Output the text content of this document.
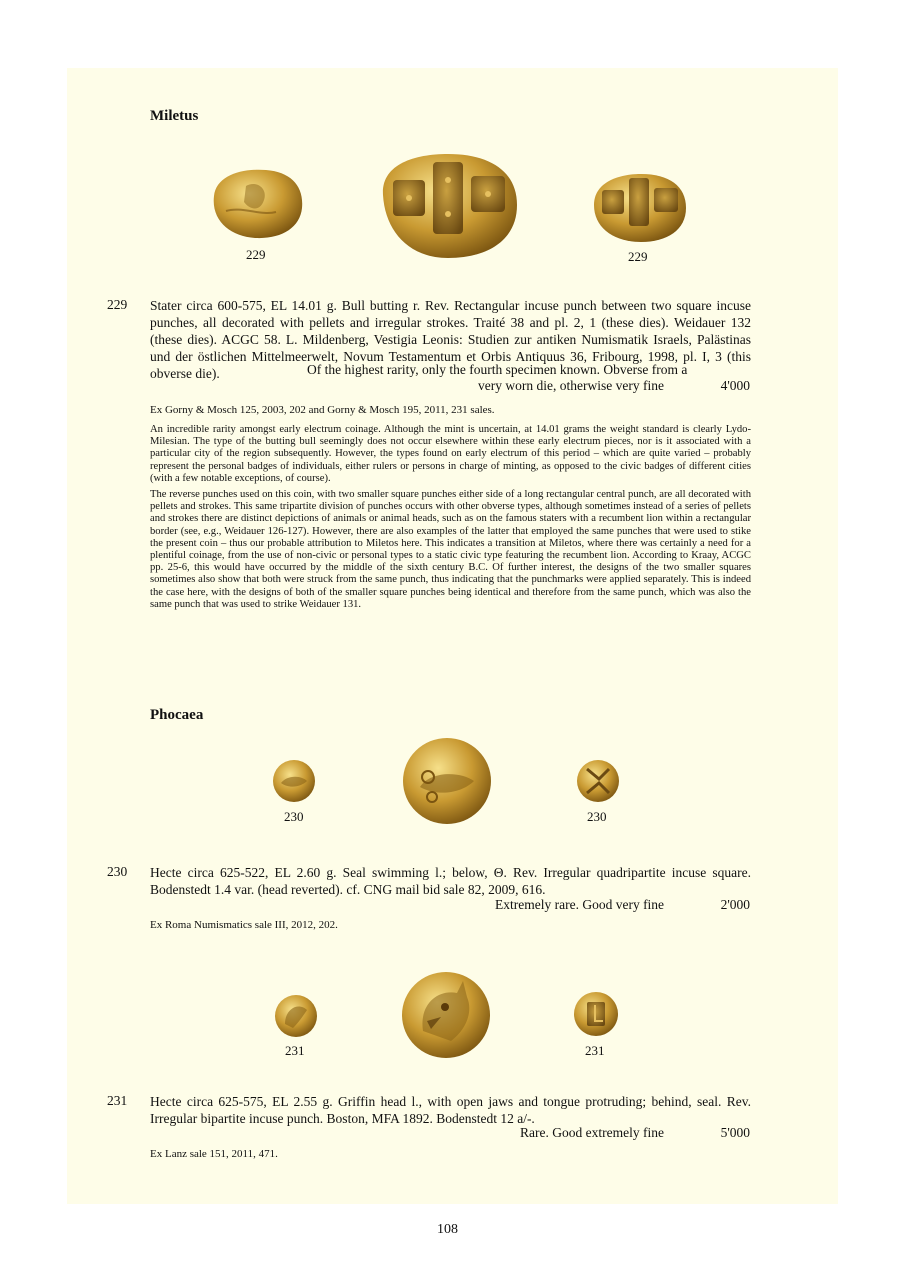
Miletus
229	229
229 Stater circa 600-575, EL 14.01 g. Bull butting r. Rev. Rectangular incuse punch between two square incuse punches, all decorated with pellets and irregular strokes. Traité 38 and pl. 2, 1 (these dies). Weidauer 132 (these dies). ACGC 58. L. Mildenberg, Vestigia Leonis: Studien zur antiken Numismatik Israels, Palästinas und der östlichen Mittelmeerwelt, Novum Testamentum et Orbis Antiquus 36, Fribourg, 1998, pl. I, 3 (this obverse die).	Of the highest rarity, only the fourth specimen known. Obverse from a
very worn die, otherwise very fine	4'000
Ex Gorny & Mosch 125, 2003, 202 and Gorny & Mosch 195, 2011, 231 sales.

An incredible rarity amongst early electrum coinage. Although the mint is uncertain, at 14.01 grams the weight standard is clearly Lydo-Milesian. The type of the butting bull seemingly does not occur elsewhere within these early electrum pieces, nor is it associated with a particular city of the region subsequently. However, the types found on early electrum of this period – which are quite varied – probably represent the personal badges of individuals, either rulers or persons in charge of minting, as opposed to the civic badges of different cities (with a few notable exceptions, of course).

The reverse punches used on this coin, with two smaller square punches either side of a long rectangular central punch, are all decorated with pellets and strokes. This same tripartite division of punches occurs with other obverse types, although sometimes instead of a series of pellets and strokes there are distinct depictions of animals or animal heads, such as on the famous staters with a recumbent lion within a rectangular border (see, e.g., Weidauer 126-127). However, there are also examples of the latter that employed the same punches that were used to stike the present coin – thus our probable attribution to Miletos here. This indicates a transition at Miletos, where there was certainly a need for a plentiful coinage, from the use of non-civic or personal types to a static civic type featuring the recumbent lion. According to Kraay, ACGC pp. 25-6, this would have occurred by the middle of the sixth century B.C. Of further interest, the designs of the two smaller squares sometimes also show that both were struck from the same punch, thus indicating that the punchmarks were applied separately. This is indeed the case here, with the designs of both of the smaller square punches being identical and therefore from the same punch, which was also the same punch that was used to strike Weidauer 131.

Phocaea
230	230
230 Hecte circa 625-522, EL 2.60 g. Seal swimming l.; below, Θ. Rev. Irregular quadripartite incuse square. Bodenstedt 1.4 var. (head reverted). cf. CNG mail bid sale 82, 2009, 616.
Extremely rare. Good very fine	2'000
Ex Roma Numismatics sale III, 2012, 202.
231	231
231 Hecte circa 625-575, EL 2.55 g. Griffin head l., with open jaws and tongue protruding; behind, seal. Rev. Irregular bipartite incuse punch. Boston, MFA 1892. Bodenstedt 12 a/-.
Rare. Good extremely fine	5'000
Ex Lanz sale 151, 2011, 471.
108
